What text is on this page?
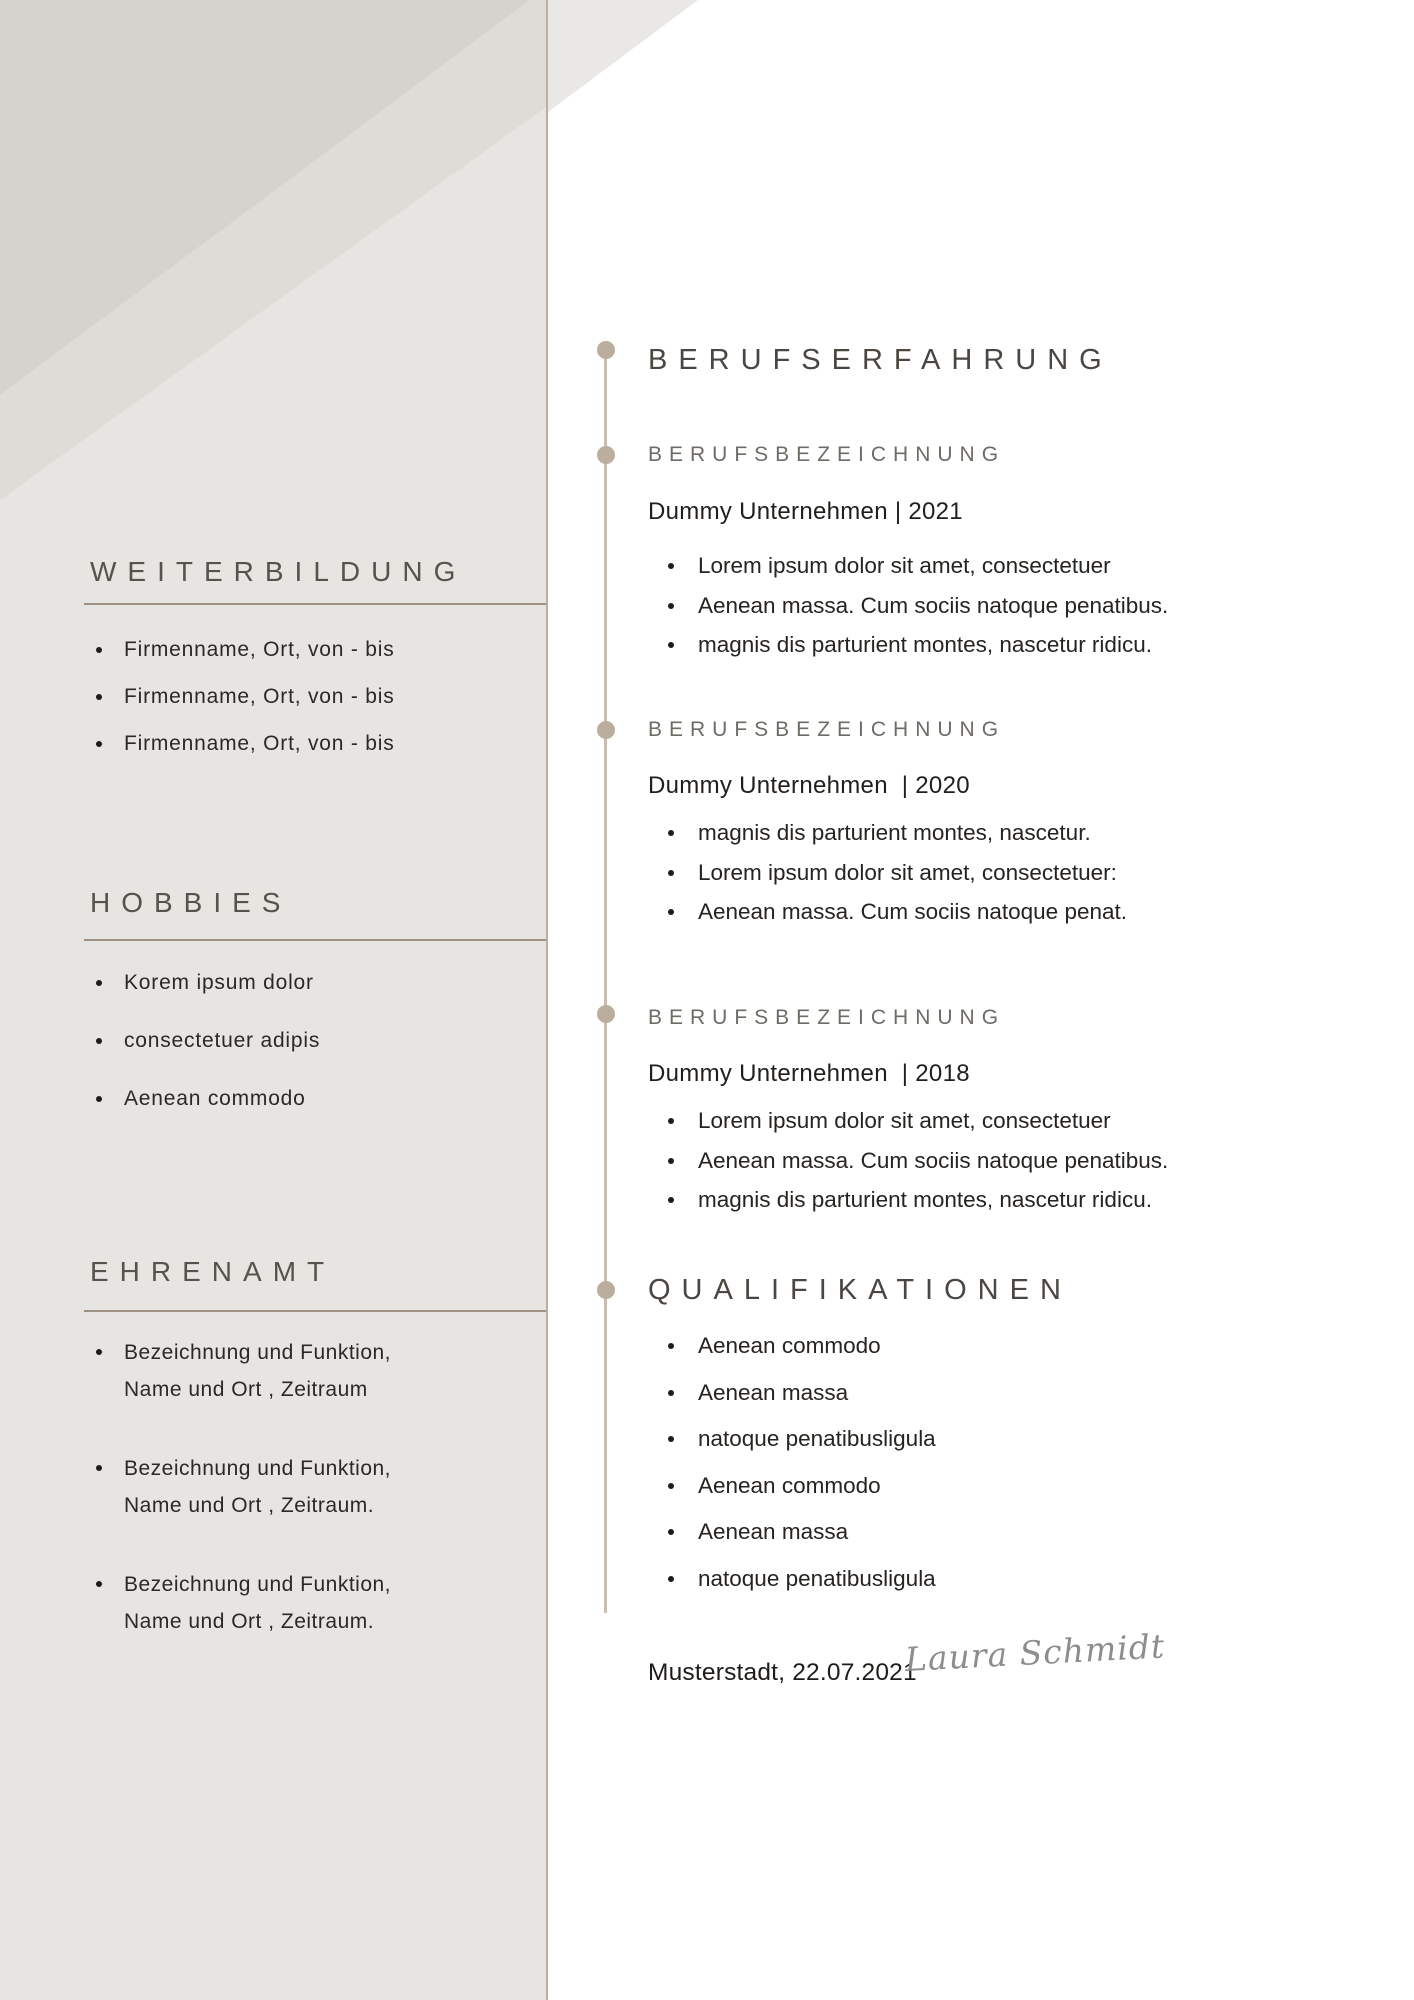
WEITERBILDUNG
Firmenname, Ort, von - bis
Firmenname, Ort, von - bis
Firmenname, Ort, von - bis
HOBBIES
Korem ipsum dolor
consectetuer adipis
Aenean commodo
EHRENAMT
Bezeichnung und Funktion, Name und Ort , Zeitraum
Bezeichnung und Funktion, Name und Ort , Zeitraum.
Bezeichnung und Funktion, Name und Ort , Zeitraum.
BERUFSERFAHRUNG
BERUFSBEZEICHNUNG
Dummy Unternehmen | 2021
Lorem ipsum dolor sit amet, consectetuer
Aenean massa. Cum sociis natoque penatibus.
magnis dis parturient montes, nascetur ridicu.
BERUFSBEZEICHNUNG
Dummy Unternehmen  | 2020
magnis dis parturient montes, nascetur.
Lorem ipsum dolor sit amet, consectetuer:
Aenean massa. Cum sociis natoque penat.
BERUFSBEZEICHNUNG
Dummy Unternehmen  | 2018
Lorem ipsum dolor sit amet, consectetuer
Aenean massa. Cum sociis natoque penatibus.
magnis dis parturient montes, nascetur ridicu.
QUALIFIKATIONEN
Aenean commodo
Aenean massa
natoque penatibusligula
Aenean commodo
Aenean massa
natoque penatibusligula
Musterstadt, 22.07.2021
Laura Schmidt
